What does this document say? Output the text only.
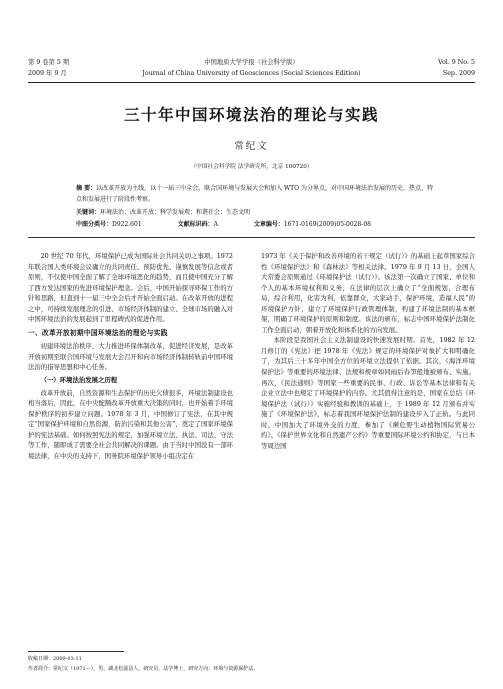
第 9 卷第 5 期	中国地质大学学报（社会科学版）	Vol. 9 No. 5
2009 年 9 月	Journal of China University of Geosciences (Social Sciences Edition)	Sep. 2009
三十年中国环境法治的理论与实践
常纪文
（中国社会科学院 法学研究所，北京 100720）
摘 要：以改革开放为主线，以十一届三中全会、联合国环境与发展大会和加入 WTO 为分界点，对中国环境法治发展的历史、热点、特点和发展进行了阶段性考察。
关键词：环境法治；改革开放；科学发展观；和谐社会；生态文明
中图分类号：D922.601	文献标识码：A	文章编号：1671-0169(2009)05-0028-08

20 世纪 70 年代，环境保护已成为国际社会共同关切之事项。1972 年联合国人类环境会议确立的共同责任、预防优先、谨慎发展等信念或者原则，不仅使中国全面了解了全球环境恶化的趋势，而且使中国充分了解了西方发达国家的先进环境保护理念。会后，中国开始探寻环保工作的方针和思路，但直到十一届三中全会后才开始全面启动。在改革开放的进程之中，可持续发展理念的引进、市场经济体制的建立、全球市场的融入对中国环境法治的发展起到了里程碑式的促进作用。

一、改革开放初期中国环境法治的理论与实践

初建环境法治秩序，大力推进环保体制改革，促进经济发展，是改革开放初期至联合国环境与发展大会召开和向市场经济体制转轨前中国环境法治的指导思想和中心任务。

（一）环境法治发展之历程

改革开放前，自然资源和生态保护的历史欠债很多，环境法制建设也相当落后，因此，在中央配额改革开放重大决策的同时，也开始着手环境保护秩序的初步建立问题。1978 年 3 月，中国修订了宪法，在其中规定“国家保护环境和自然资源，防治污染和其他公害”，奠定了国家环境保护的宪法基础。如何按照宪法的规定，加强环境立法、执法、司法、守法等工作，随即成了需要全社会共同解决的课题。由于当时中国没有一部环境法律，在中央的支持下，国务院环境保护领导小组决定在

1973 年《关于保护和改善环境的若干规定（试行）》的基础上起草国家综合性《环境保护法》和《森林法》等相关法律。1979 年 9 月 13 日，全国人大常委会原则通过《环境保护法（试行）》。该法第一次确立了国家、单位和个人的基本环境权利和义务，在法律的层次上确立了“全面规划，合理布局，综合利用，化害为利，依靠群众，大家动手，保护环境，造福人民”的环境保护方针，建立了环境保护行政管理体制，构建了环境法制的基本框架，明确了环境保护的原则和制度。该法的颁布，标志中国环境保护法制化工作全面启动，朝着开放化和体系化的方向发展。

本阶段是我国社会主义法制建设的快速发展时期。首先，1982 年 12 月修订的《宪法》把 1978 年《宪法》规定的环境保护对象扩大和明确化了，为其后三十多年中国全方位的环境立法提供了依据。其次，《海洋环境保护法》等重要的环境法律、法规和规章如同雨后春笋般地被颁布、实施。再次，《民法通则》等国家一些重要的民事、行政、诉讼等基本法律和有关企业立法中也规定了环境保护的内容。尤其值得注意的是，国家在总结《环境保护法（试行）》实施经验和教训的基础上，于 1989 年 12 月颁布并实施了《环境保护法》，标志着我国环境保护法制的建设步入了正轨。与此同时，中国加大了环境外交的力度，参加了《濒危野生动植物国际贸易公约》、《保护世界文化和自然遗产公约》等重要国际环境公约和协定，与日本等周边国

收稿日期：2009-03-11
作者简介：常纪文（1971—），男，湖北松滋县人，研究员，法学博士，研究方向：环境与资源保护法。
